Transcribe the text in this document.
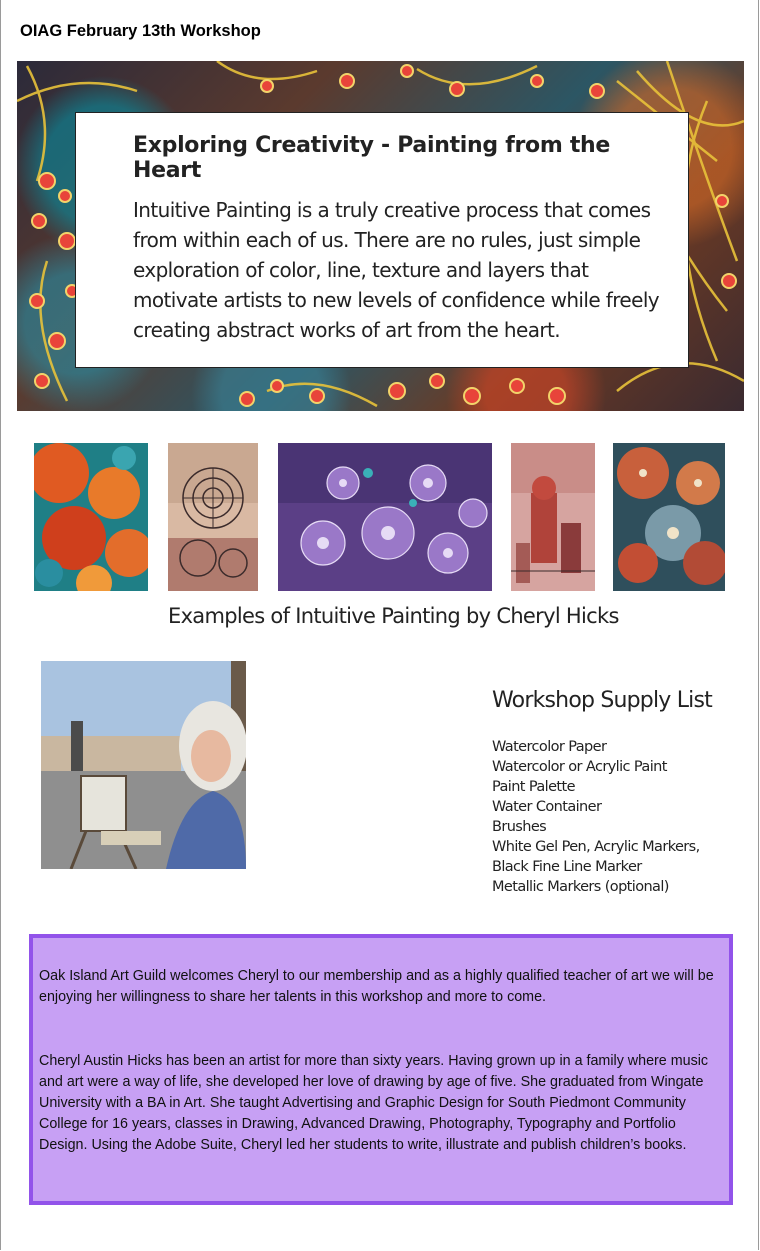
OIAG February 13th Workshop
Exploring Creativity - Painting from the Heart
Intuitive Painting is a truly creative process that comes from within each of us. There are no rules, just simple exploration of color, line, texture and layers that motivate artists to new levels of confidence while freely creating abstract works of art from the heart.
Examples of Intuitive Painting by Cheryl Hicks
Workshop Supply List
Watercolor Paper
Watercolor or Acrylic Paint
Paint Palette
Water Container
Brushes
White Gel Pen, Acrylic Markers,
Black Fine Line Marker
Metallic Markers (optional)

Oak Island Art Guild welcomes Cheryl to our membership and as a highly qualified teacher of art we will be enjoying her willingness to share her talents in this workshop and more to come.

Cheryl Austin Hicks has been an artist for more than sixty years. Having grown up in a family where music and art were a way of life, she developed her love of drawing by age of five. She graduated from Wingate University with a BA in Art. She taught Advertising and Graphic Design for South Piedmont Community College for 16 years, classes in Drawing, Advanced Drawing, Photography, Typography and Portfolio Design. Using the Adobe Suite, Cheryl led her students to write, illustrate and publish children’s books.
